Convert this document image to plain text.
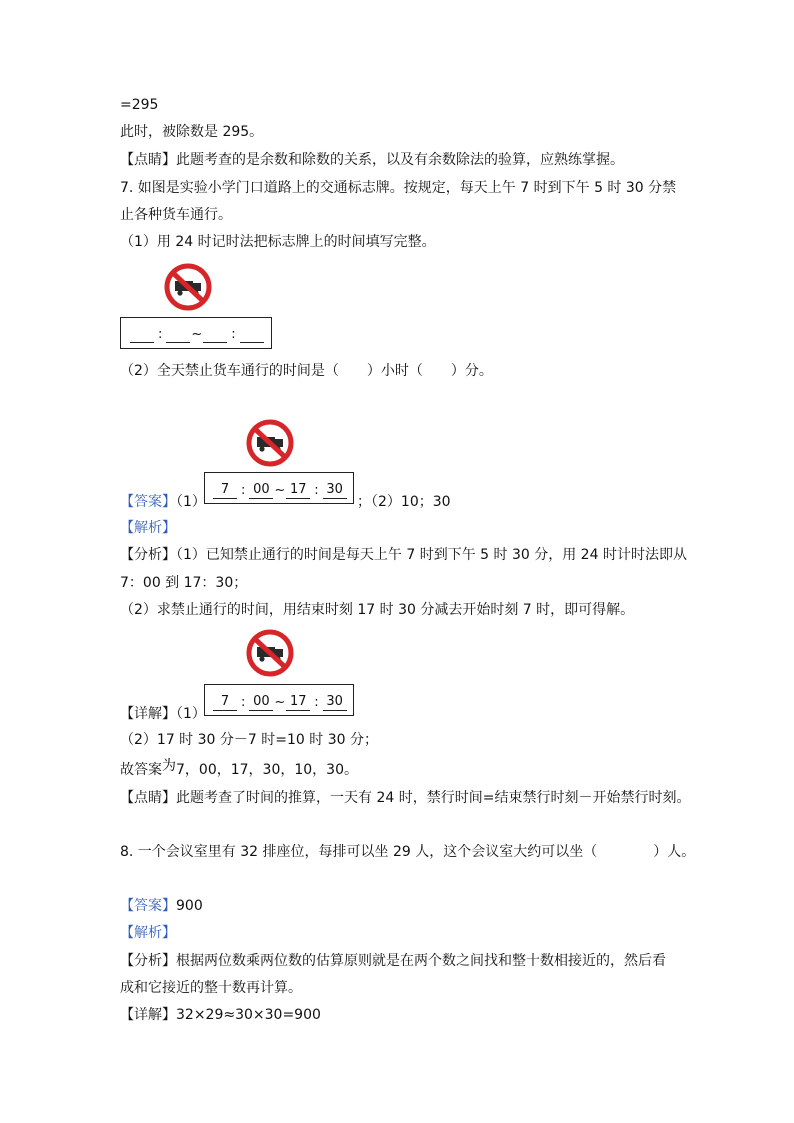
=295
此时，被除数是 295。
【点睛】此题考查的是余数和除数的关系，以及有余数除法的验算，应熟练掌握。
7. 如图是实验小学门口道路上的交通标志牌。按规定，每天上午 7 时到下午 5 时 30 分禁
止各种货车通行。
（1）用 24 时记时法把标志牌上的时间填写完整。
: ~ :
（2）全天禁止货车通行的时间是（　　）小时（　　）分。
【答案】（1）
7 : 00 ~ 17 : 30
；（2）10；30
【解析】
【分析】（1）已知禁止通行的时间是每天上午 7 时到下午 5 时 30 分，用 24 时计时法即从
7：00 到 17：30；
（2）求禁止通行的时间，用结束时刻 17 时 30 分减去开始时刻 7 时，即可得解。
【详解】（1）
7 : 00 ~ 17 : 30
（2）17 时 30 分－7 时=10 时 30 分；
故答案为7，00，17，30，10，30。
【点睛】此题考查了时间的推算，一天有 24 时，禁行时间=结束禁行时刻－开始禁行时刻。
8. 一个会议室里有 32 排座位，每排可以坐 29 人，这个会议室大约可以坐（　　　　）人。
【答案】900
【解析】
【分析】根据两位数乘两位数的估算原则就是在两个数之间找和整十数相接近的，然后看
成和它接近的整十数再计算。
【详解】32×29≈30×30=900
